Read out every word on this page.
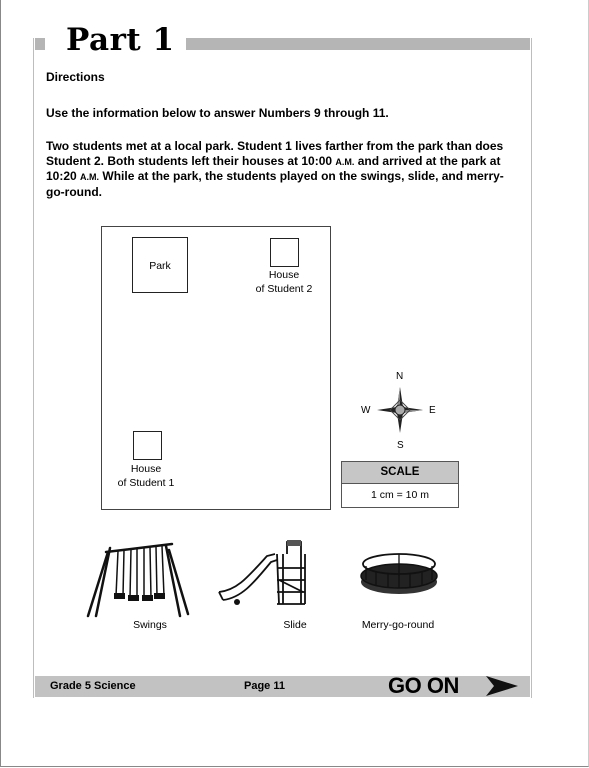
Part 1
Directions
Use the information below to answer Numbers 9 through 11.
Two students met at a local park. Student 1 lives farther from the park than does Student 2. Both students left their houses at 10:00 A.M. and arrived at the park at 10:20 A.M. While at the park, the students played on the swings, slide, and merry-go-round.
Park
House
of Student 2
House
of Student 1
N
S
E
W
SCALE
1 cm = 10 m
Swings	Slide	Merry-go-round
Grade 5 Science	Page 11	GO ON
